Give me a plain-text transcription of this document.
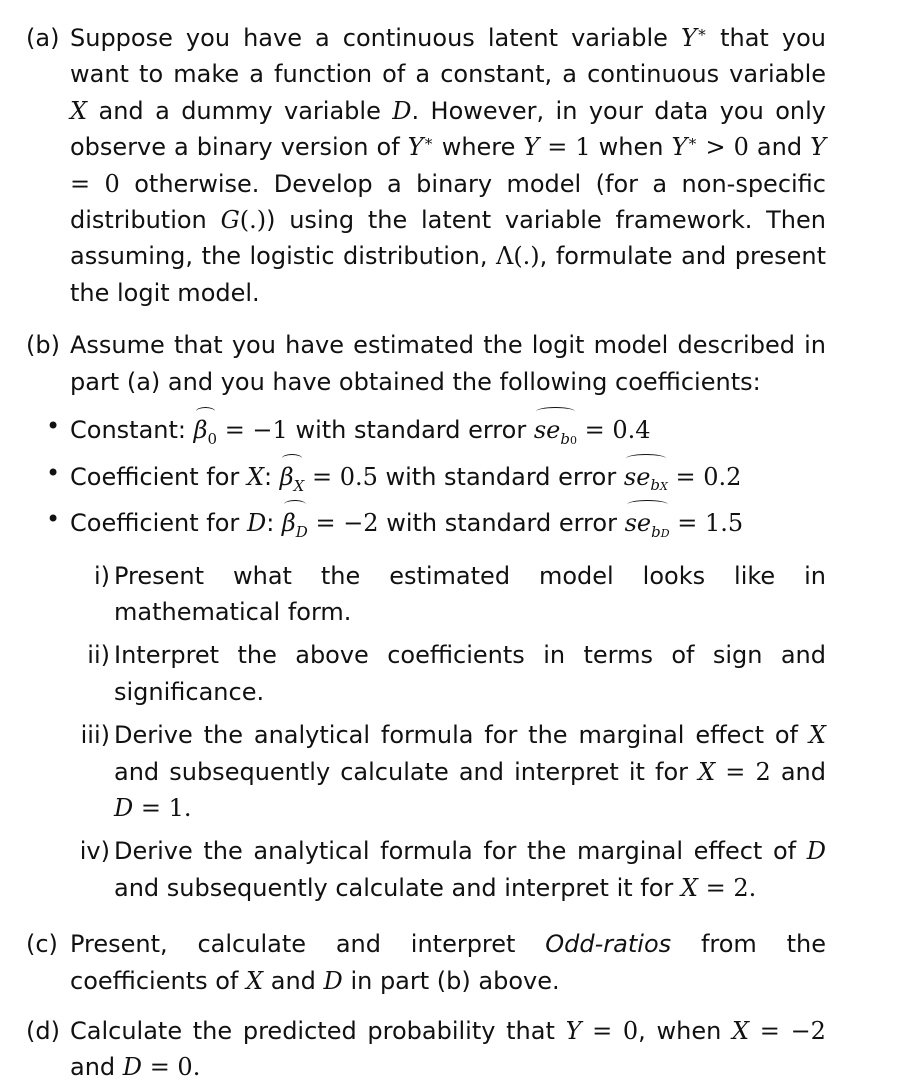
(a) Suppose you have a continuous latent variable Y∗ that you want to make a function of a constant, a continuous variable X and a dummy variable D. However, in your data you only observe a binary version of Y∗ where Y = 1 when Y∗ > 0 and Y = 0 otherwise. Develop a binary model (for a non-specific distribution G(.)) using the latent variable framework. Then assuming, the logistic distribution, Λ(.), formulate and present the logit model.
(b) Assume that you have estimated the logit model described in part (a) and you have obtained the following coefficients:
• Constant: $\beta_0 = -1$ with standard error $se_{b0} = 0.4$
• Coefficient for X: $\beta_X = 0.5$ with standard error $se_{bX} = 0.2$
• Coefficient for D: $\beta_D = -2$ with standard error $se_{bD} = 1.5$
i) Present what the estimated model looks like in mathematical form.
ii) Interpret the above coefficients in terms of sign and significance.
iii) Derive the analytical formula for the marginal effect of X and subsequently calculate and interpret it for X = 2 and D = 1.
iv) Derive the analytical formula for the marginal effect of D and subsequently calculate and interpret it for X = 2.
(c) Present, calculate and interpret Odd-ratios from the coefficients of X and D in part (b) above.
(d) Calculate the predicted probability that Y = 0, when X = −2 and D = 0.
